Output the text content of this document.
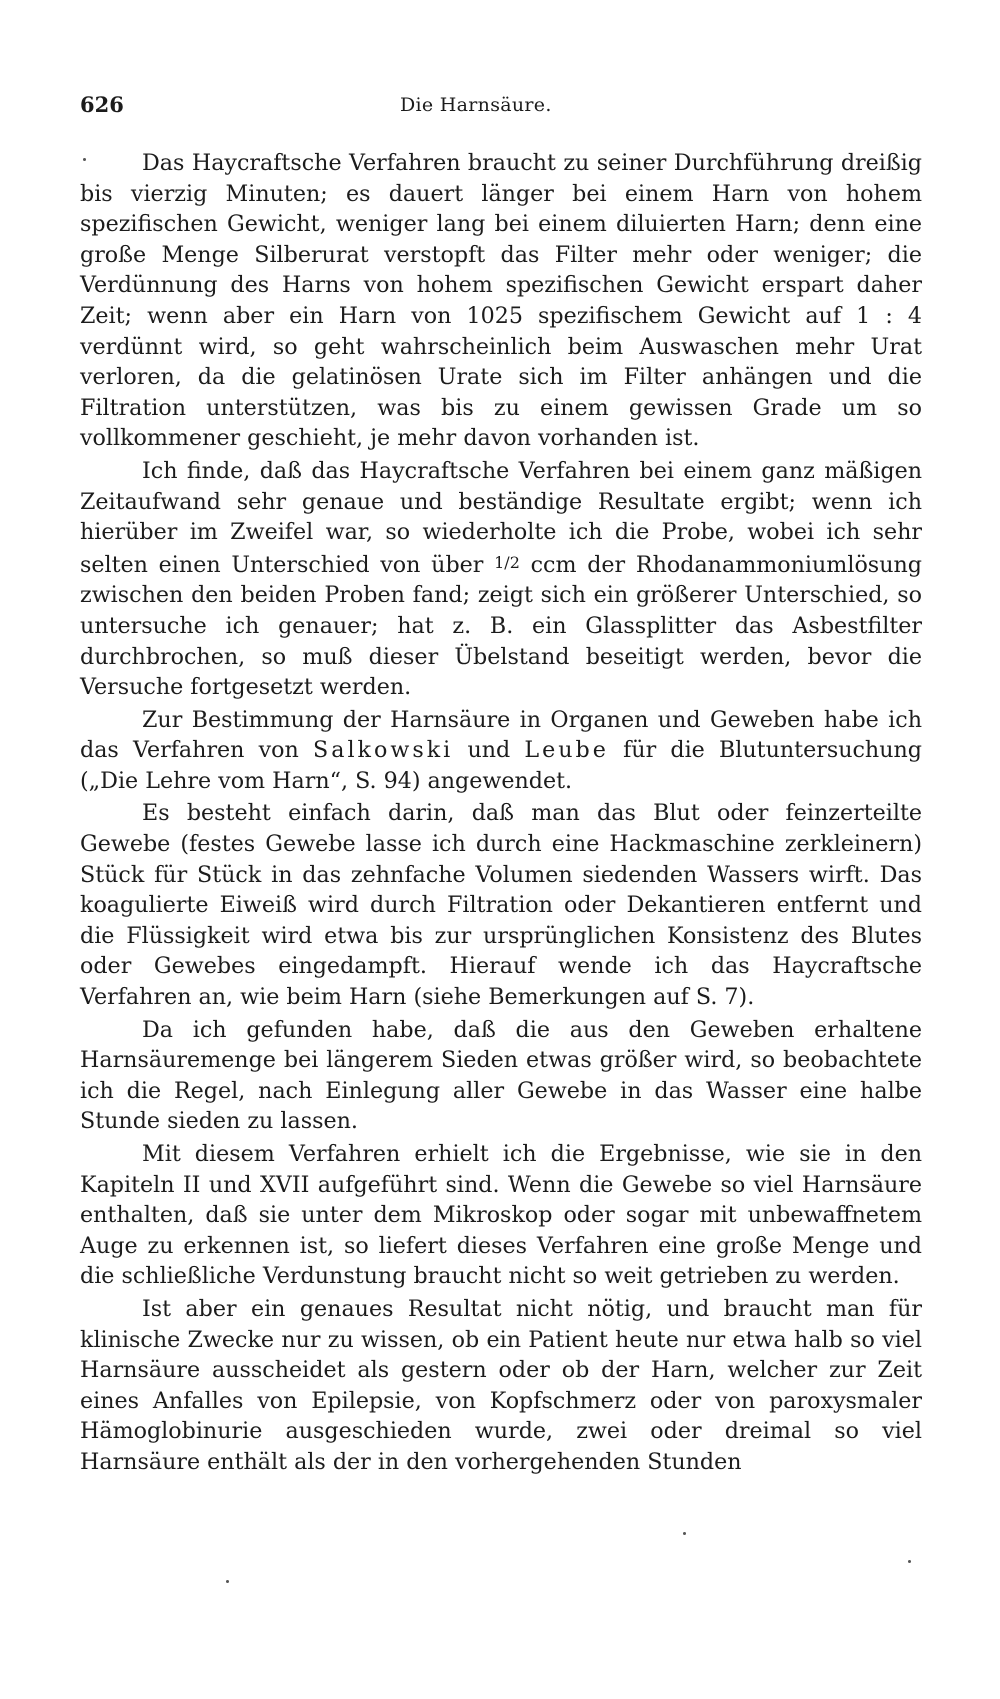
626	Die Harnsäure.

Das Haycraftsche Verfahren braucht zu seiner Durchführung dreißig bis vierzig Minuten; es dauert länger bei einem Harn von hohem spezifischen Gewicht, weniger lang bei einem diluierten Harn; denn eine große Menge Silberurat verstopft das Filter mehr oder weniger; die Verdünnung des Harns von hohem spezifischen Gewicht erspart daher Zeit; wenn aber ein Harn von 1025 spezifischem Gewicht auf 1 : 4 verdünnt wird, so geht wahrscheinlich beim Auswaschen mehr Urat verloren, da die gelatinösen Urate sich im Filter anhängen und die Filtration unterstützen, was bis zu einem gewissen Grade um so vollkommener geschieht, je mehr davon vorhanden ist.

Ich finde, daß das Haycraftsche Verfahren bei einem ganz mäßigen Zeitaufwand sehr genaue und beständige Resultate ergibt; wenn ich hierüber im Zweifel war, so wiederholte ich die Probe, wobei ich sehr selten einen Unterschied von über 1/2 ccm der Rhodanammoniumlösung zwischen den beiden Proben fand; zeigt sich ein größerer Unterschied, so untersuche ich genauer; hat z. B. ein Glassplitter das Asbestfilter durchbrochen, so muß dieser Übelstand beseitigt werden, bevor die Versuche fortgesetzt werden.

Zur Bestimmung der Harnsäure in Organen und Geweben habe ich das Verfahren von Salkowski und Leube für die Blutuntersuchung („Die Lehre vom Harn“, S. 94) angewendet.

Es besteht einfach darin, daß man das Blut oder feinzerteilte Gewebe (festes Gewebe lasse ich durch eine Hackmaschine zerkleinern) Stück für Stück in das zehnfache Volumen siedenden Wassers wirft. Das koagulierte Eiweiß wird durch Filtration oder Dekantieren entfernt und die Flüssigkeit wird etwa bis zur ursprünglichen Konsistenz des Blutes oder Gewebes eingedampft. Hierauf wende ich das Haycraftsche Verfahren an, wie beim Harn (siehe Bemerkungen auf S. 7).

Da ich gefunden habe, daß die aus den Geweben erhaltene Harnsäuremenge bei längerem Sieden etwas größer wird, so beobachtete ich die Regel, nach Einlegung aller Gewebe in das Wasser eine halbe Stunde sieden zu lassen.

Mit diesem Verfahren erhielt ich die Ergebnisse, wie sie in den Kapiteln II und XVII aufgeführt sind. Wenn die Gewebe so viel Harnsäure enthalten, daß sie unter dem Mikroskop oder sogar mit unbewaffnetem Auge zu erkennen ist, so liefert dieses Verfahren eine große Menge und die schließliche Verdunstung braucht nicht so weit getrieben zu werden.

Ist aber ein genaues Resultat nicht nötig, und braucht man für klinische Zwecke nur zu wissen, ob ein Patient heute nur etwa halb so viel Harnsäure ausscheidet als gestern oder ob der Harn, welcher zur Zeit eines Anfalles von Epilepsie, von Kopfschmerz oder von paroxysmaler Hämoglobinurie ausgeschieden wurde, zwei oder dreimal so viel Harnsäure enthält als der in den vorhergehenden Stunden
